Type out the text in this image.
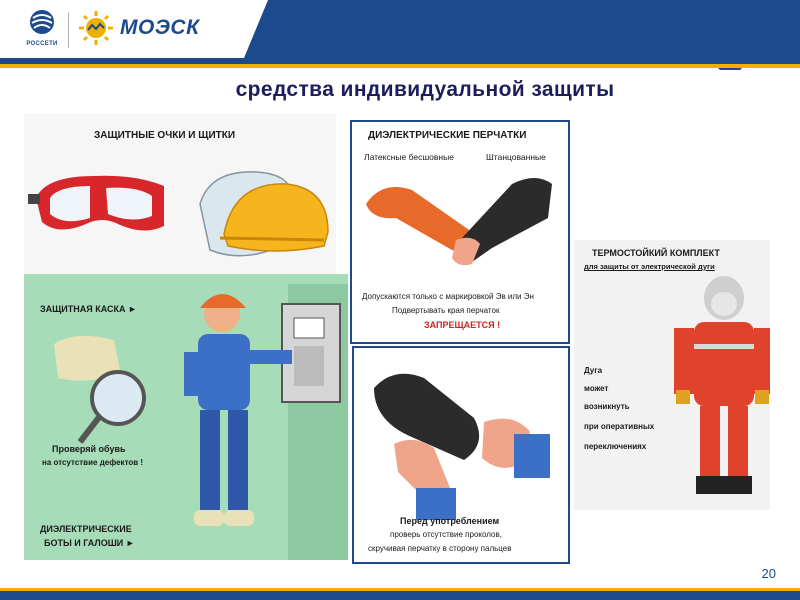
РОССЕТИ
МОЭСК
средства индивидуальной защиты
ЗАЩИТНЫЕ ОЧКИ И ЩИТКИ	ДИЭЛЕКТРИЧЕСКИЕ ПЕРЧАТКИ
Латексные бесшовные	Штанцованные
Допускаются только с маркировкой Эв или Эн
Подвертывать края перчаток
ЗАПРЕЩАЕТСЯ !
ЗАЩИТНАЯ КАСКА ►
Проверяй обувь
на отсутствие дефектов !
ДИЭЛЕКТРИЧЕСКИЕ
БОТЫ И ГАЛОШИ ►
Перед употреблением
проверь отсутствие проколов,
скручивая перчатку в сторону пальцев
ТЕРМОСТОЙКИЙ КОМПЛЕКТ
для защиты от электрической дуги
Дуга
может
возникнуть
при оперативных
переключениях
20
